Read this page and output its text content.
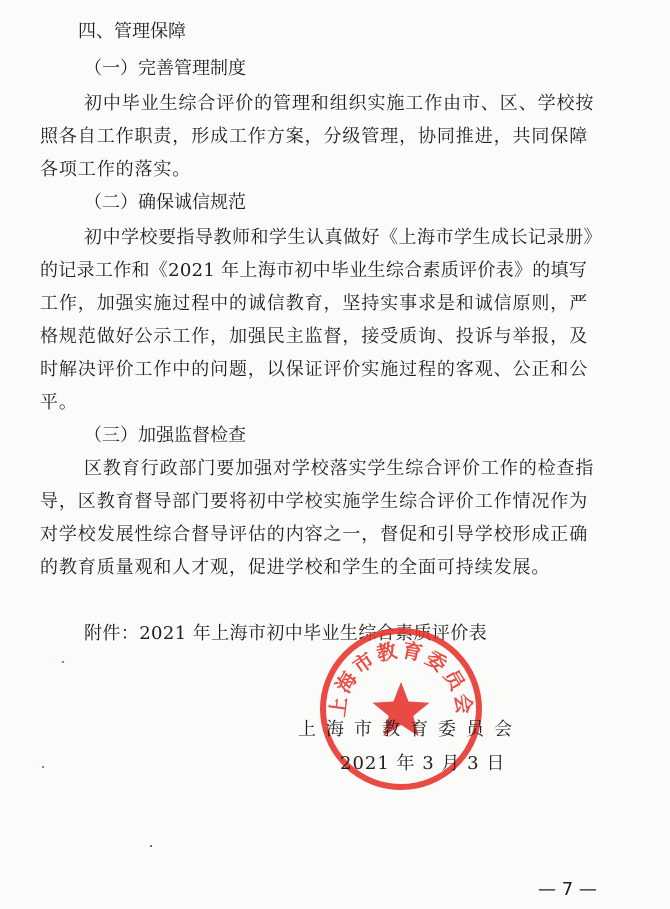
四、管理保障
（一）完善管理制度
初中毕业生综合评价的管理和组织实施工作由市、区、学校按
照各自工作职责，形成工作方案，分级管理，协同推进，共同保障
各项工作的落实。
（二）确保诚信规范
初中学校要指导教师和学生认真做好《上海市学生成长记录册》
的记录工作和《2021 年上海市初中毕业生综合素质评价表》的填写
工作，加强实施过程中的诚信教育，坚持实事求是和诚信原则，严
格规范做好公示工作，加强民主监督，接受质询、投诉与举报，及
时解决评价工作中的问题，以保证评价实施过程的客观、公正和公
平。
（三）加强监督检查
区教育行政部门要加强对学校落实学生综合评价工作的检查指
导，区教育督导部门要将初中学校实施学生综合评价工作情况作为
对学校发展性综合督导评估的内容之一，督促和引导学校形成正确
的教育质量观和人才观，促进学校和学生的全面可持续发展。
附件：2021 年上海市初中毕业生综合素质评价表
上海市教育委员会
上海市教育委员会
2021 年 3 月 3 日
— 7 —
